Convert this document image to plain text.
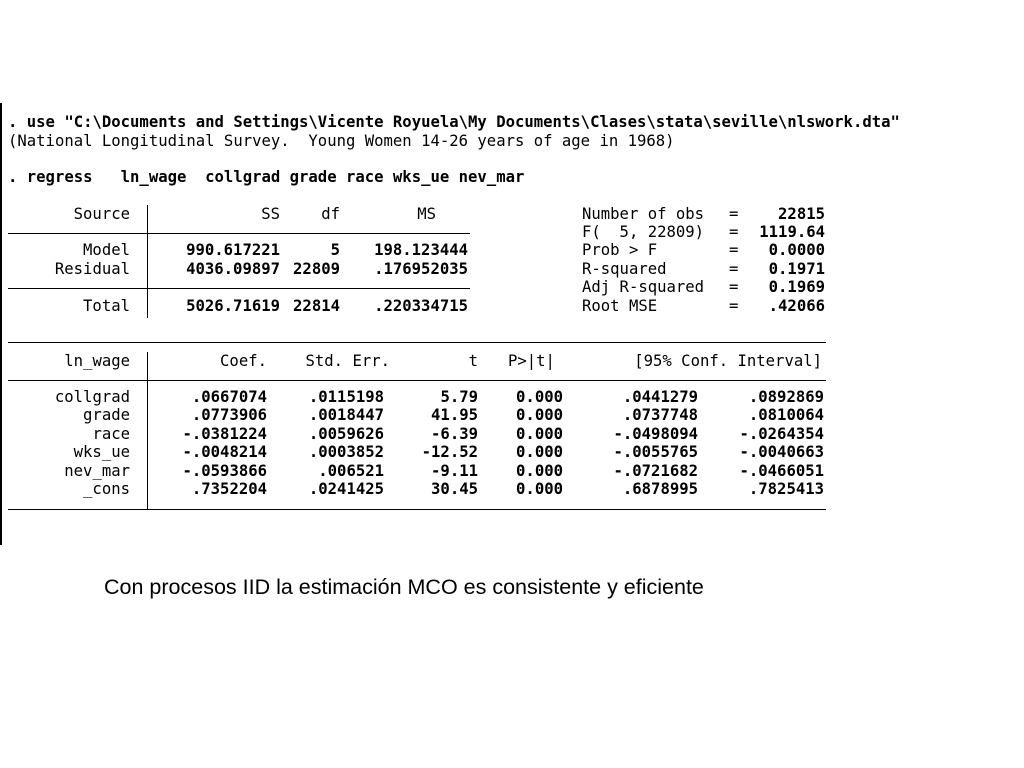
. use "C:\Documents and Settings\Vicente Royuela\My Documents\Clases\stata\seville\nlswork.dta"
(National Longitudinal Survey.  Young Women 14-26 years of age in 1968)
. regress   ln_wage  collgrad grade race wks_ue nev_mar
Source	SS	df	MS
Model	990.617221	5	198.123444
Residual	4036.09897 22809	.176952035
Total	5026.71619 22814	.220334715
Number of obs =	22815
F(  5, 22809) =	1119.64
Prob > F	=	0.0000
R-squared	=	0.1971
Adj R-squared =	0.1969
Root MSE	=	.42066
ln_wage	Coef.	Std. Err.	t P>|t|	[95% Conf. Interval]
collgrad	.0667074	.0115198	5.79	0.000	.0441279	.0892869
grade	.0773906	.0018447	41.95	0.000	.0737748	.0810064
race	-.0381224	.0059626	-6.39	0.000	-.0498094	-.0264354
wks_ue	-.0048214	.0003852	-12.52	0.000	-.0055765	-.0040663
nev_mar	-.0593866	.006521	-9.11	0.000	-.0721682	-.0466051
_cons	.7352204	.0241425	30.45	0.000	.6878995	.7825413
Con procesos IID la estimación MCO es consistente y eficiente
